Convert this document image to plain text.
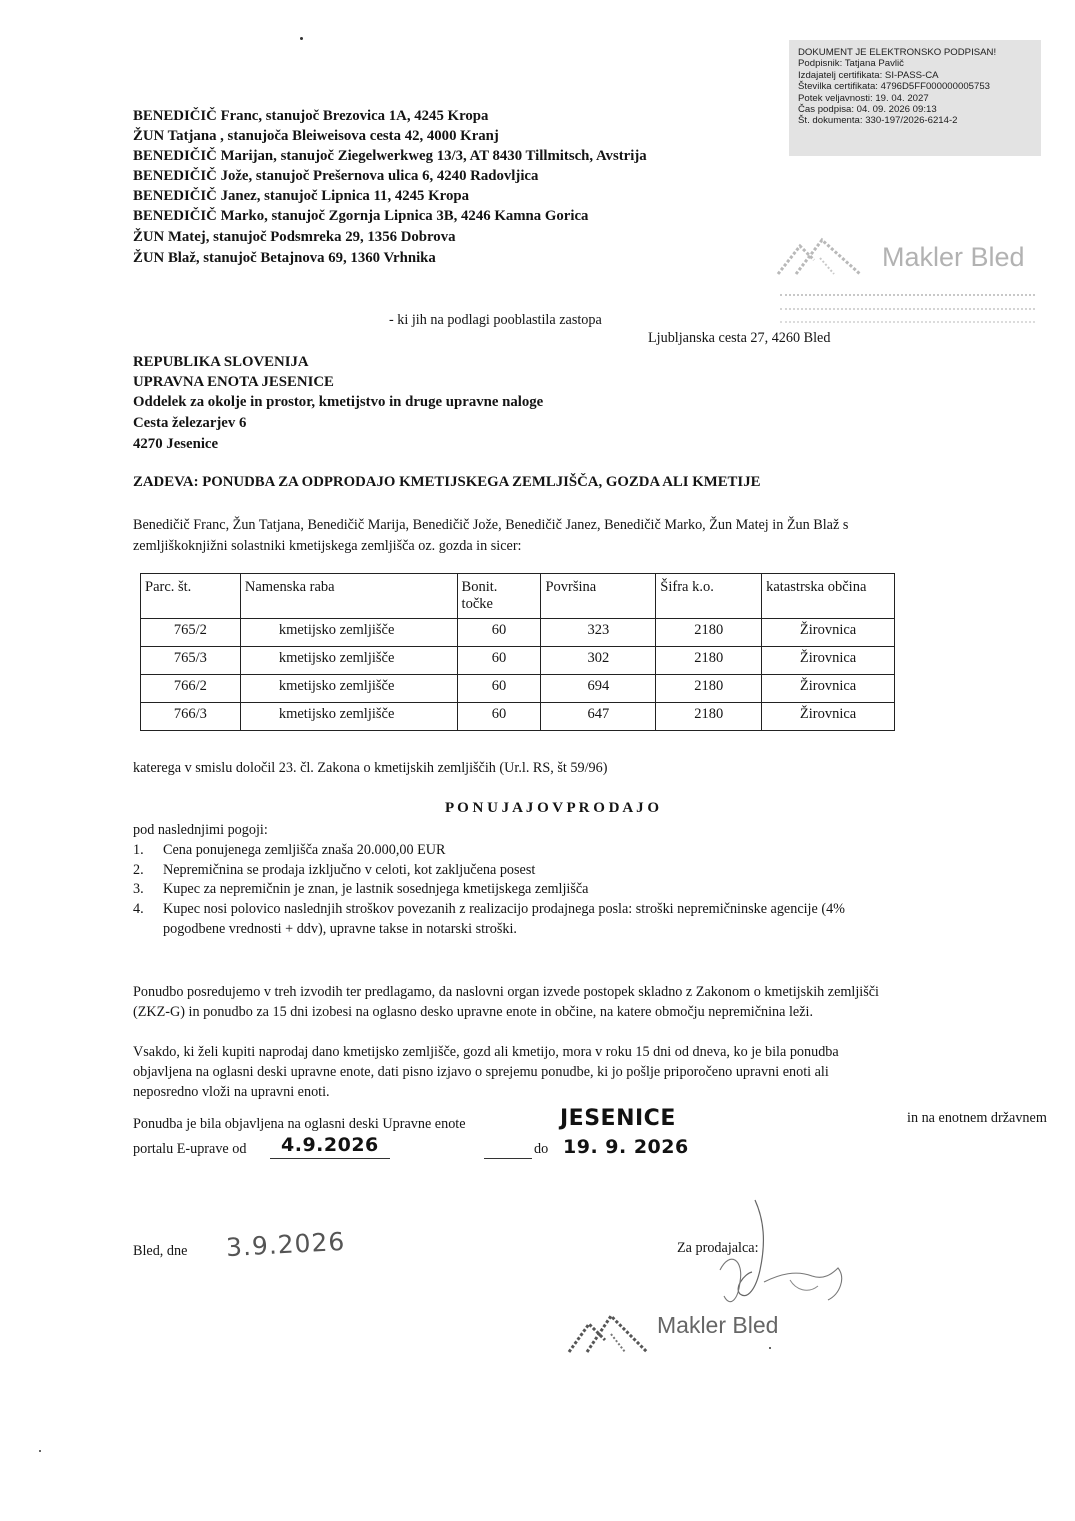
DOKUMENT JE ELEKTRONSKO PODPISAN!
Podpisnik: Tatjana Pavlič
Izdajatelj certifikata: SI-PASS-CA
Številka certifikata: 4796D5FF000000005753
Potek veljavnosti: 19. 04. 2027
Čas podpisa: 04. 09. 2026 09:13
Št. dokumenta: 330-197/2026-6214-2
BENEDIČIČ Franc, stanujoč Brezovica 1A, 4245 Kropa
ŽUN Tatjana , stanujoča Bleiweisova cesta 42, 4000 Kranj
BENEDIČIČ Marijan, stanujoč Ziegelwerkweg 13/3, AT 8430 Tillmitsch, Avstrija
BENEDIČIČ Jože, stanujoč Prešernova ulica 6, 4240 Radovljica
BENEDIČIČ Janez, stanujoč Lipnica 11, 4245 Kropa
BENEDIČIČ Marko, stanujoč Zgornja Lipnica 3B, 4246 Kamna Gorica
ŽUN Matej, stanujoč Podsmreka 29, 1356 Dobrova
ŽUN Blaž, stanujoč Betajnova 69, 1360 Vrhnika	Makler Bled
- ki jih na podlagi pooblastila zastopa
Ljubljanska cesta 27, 4260 Bled
REPUBLIKA SLOVENIJA
UPRAVNA ENOTA JESENICE
Oddelek za okolje in prostor, kmetijstvo in druge upravne naloge
Cesta železarjev 6
4270 Jesenice
ZADEVA: PONUDBA ZA ODPRODAJO KMETIJSKEGA ZEMLJIŠČA, GOZDA ALI KMETIJE
Benedičič Franc, Žun Tatjana, Benedičič Marija, Benedičič Jože, Benedičič Janez, Benedičič Marko, Žun Matej in Žun Blaž s
zemljiškoknjižni solastniki kmetijskega zemljišča oz. gozda in sicer:
Parc. št.	Namenska raba	Bonit.
točke	Površina	Šifra k.o.	katastrska občina
765/2	kmetijsko zemljišče	60	323	2180	Žirovnica
765/3	kmetijsko zemljišče	60	302	2180	Žirovnica
766/2	kmetijsko zemljišče	60	694	2180	Žirovnica
766/3	kmetijsko zemljišče	60	647	2180	Žirovnica
katerega v smislu določil 23. čl. Zakona o kmetijskih zemljiščih (Ur.l. RS, št 59/96)
P O N U J A J O V P R O D A J O
pod naslednjimi pogoji:
1. Cena ponujenega zemljišča znaša 20.000,00 EUR
2. Nepremičnina se prodaja izključno v celoti, kot zaključena posest
3. Kupec za nepremičnin je znan, je lastnik sosednjega kmetijskega zemljišča
4. Kupec nosi polovico naslednjih stroškov povezanih z realizacijo prodajnega posla: stroški nepremičninske agencije (4%
pogodbene vrednosti + ddv), upravne takse in notarski stroški.
Ponudbo posredujemo v treh izvodih ter predlagamo, da naslovni organ izvede postopek skladno z Zakonom o kmetijskih zemljišči
(ZKZ-G) in ponudbo za 15 dni izobesi na oglasno desko upravne enote in občine, na katere območju nepremičnina leži.
Vsakdo, ki želi kupiti naprodaj dano kmetijsko zemljišče, gozd ali kmetijo, mora v roku 15 dni od dneva, ko je bila ponudba
objavljena na oglasni deski upravne enote, dati pisno izjavo o sprejemu ponudbe, ki jo pošlje priporočeno upravni enoti ali
neposredno vloži na upravni enoti.
Ponudba je bila objavljena na oglasni deski Upravne enote	JESENICE	in na enotnem državnem
portalu E-uprave od 4.9.2026	do 19. 9. 2026
Bled, dne 3.9.2026	Za prodajalca:
Makler Bled
